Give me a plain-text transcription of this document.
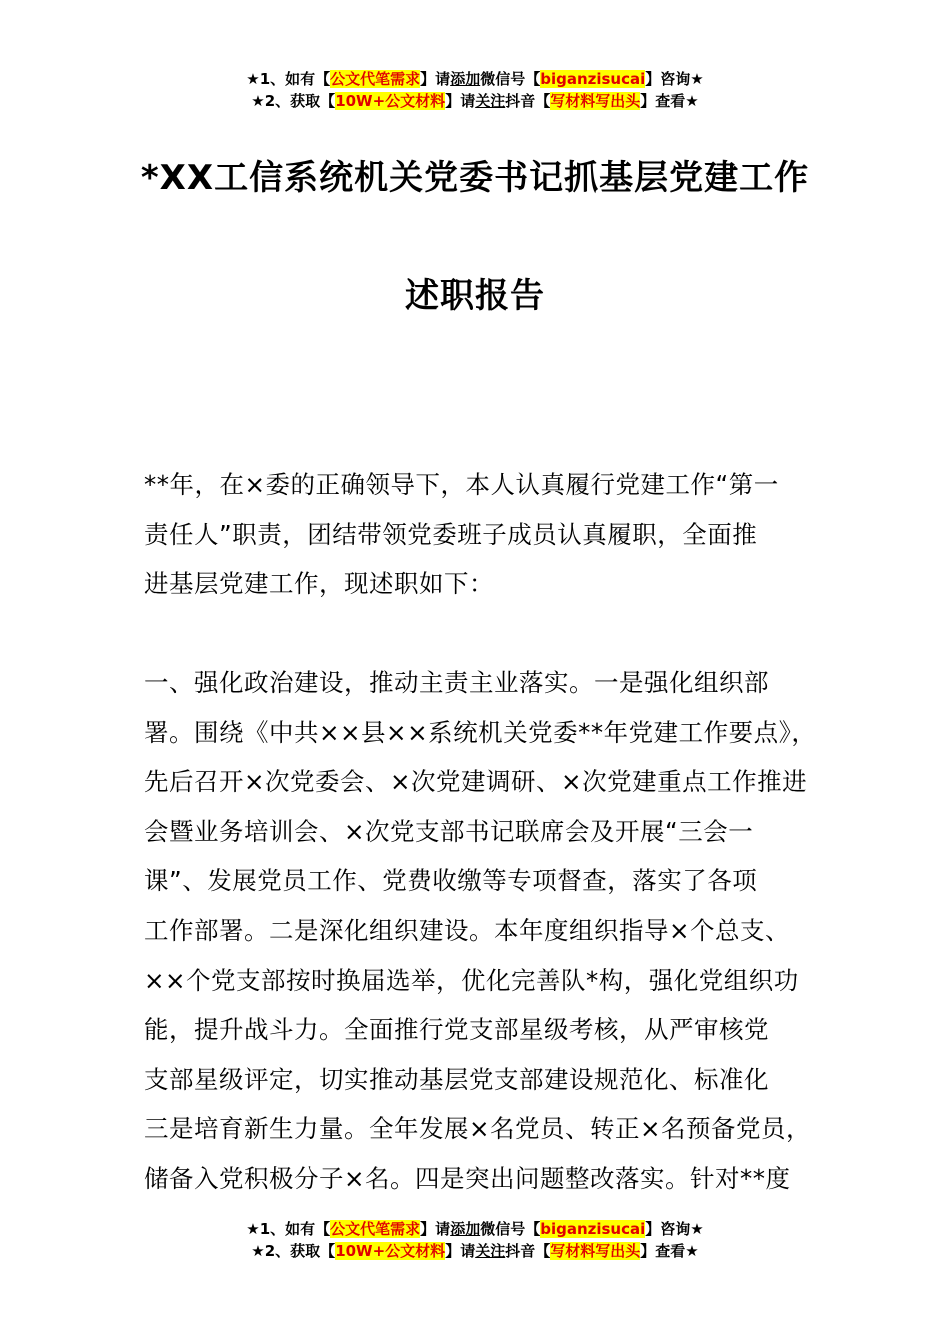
★1、如有【公文代笔需求】请添加微信号【biganzisucai】咨询★
★2、获取【10W+公文材料】请关注抖音【写材料写出头】查看★
*XX工信系统机关党委书记抓基层党建工作
述职报告
**年，在×委的正确领导下，本人认真履行党建工作“第一
责任人”职责，团结带领党委班子成员认真履职，全面推
进基层党建工作，现述职如下：
一、强化政治建设，推动主责主业落实。一是强化组织部
署。围绕《中共××县××系统机关党委**年党建工作要点》，
先后召开×次党委会、×次党建调研、×次党建重点工作推进
会暨业务培训会、×次党支部书记联席会及开展“三会一
课”、发展党员工作、党费收缴等专项督查，落实了各项
工作部署。二是深化组织建设。本年度组织指导×个总支、
××个党支部按时换届选举，优化完善队*构，强化党组织功
能，提升战斗力。全面推行党支部星级考核，从严审核党
支部星级评定，切实推动基层党支部建设规范化、标准化
三是培育新生力量。全年发展×名党员、转正×名预备党员，
储备入党积极分子×名。四是突出问题整改落实。针对**度
★1、如有【公文代笔需求】请添加微信号【biganzisucai】咨询★
★2、获取【10W+公文材料】请关注抖音【写材料写出头】查看★
